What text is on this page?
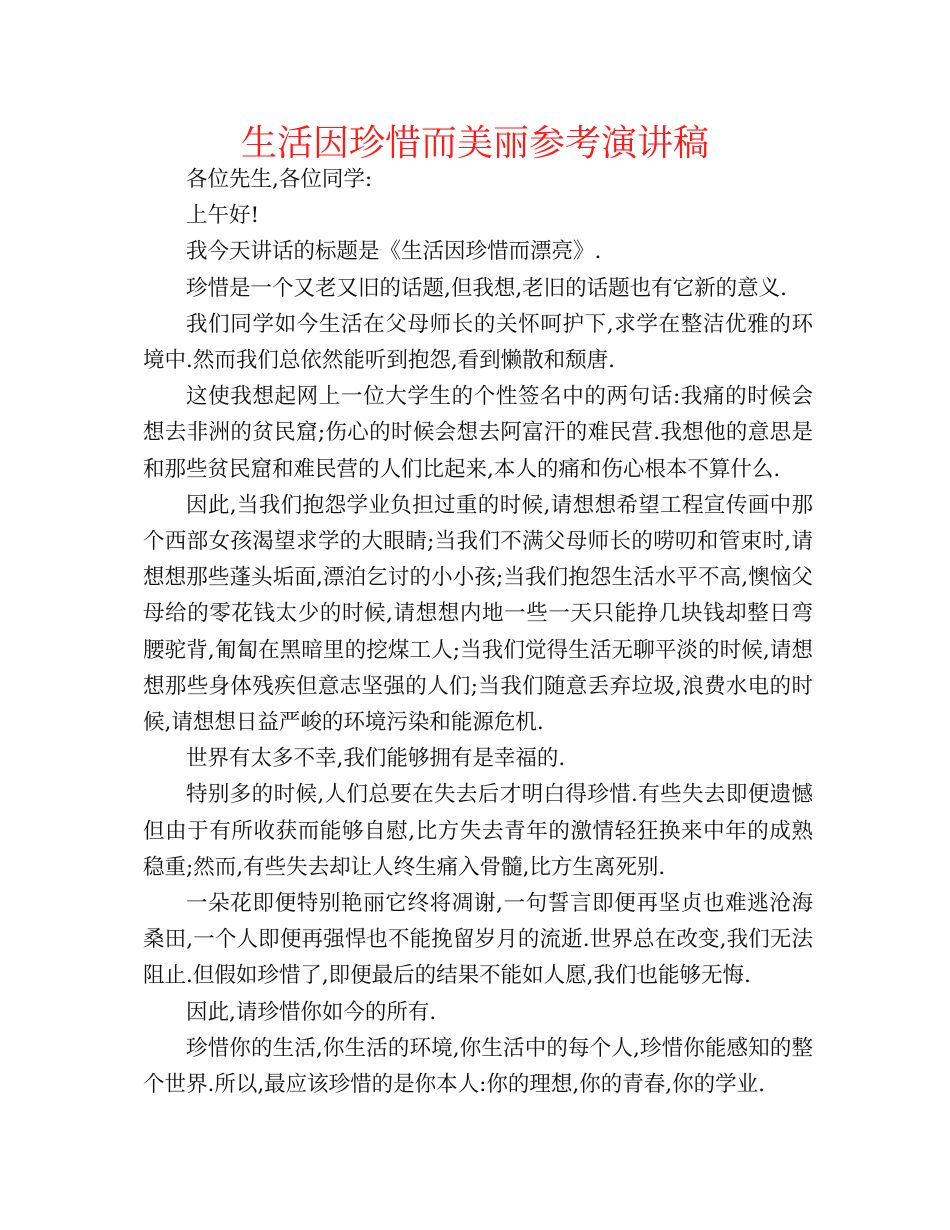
生活因珍惜而美丽参考演讲稿

各位先生,各位同学:

上午好!

我今天讲话的标题是《生活因珍惜而漂亮》.

珍惜是一个又老又旧的话题,但我想,老旧的话题也有它新的意义.

我们同学如今生活在父母师长的关怀呵护下,求学在整洁优雅的环境中.然而我们总依然能听到抱怨,看到懒散和颓唐.

这使我想起网上一位大学生的个性签名中的两句话:我痛的时候会想去非洲的贫民窟;伤心的时候会想去阿富汗的难民营.我想他的意思是和那些贫民窟和难民营的人们比起来,本人的痛和伤心根本不算什么.

因此,当我们抱怨学业负担过重的时候,请想想希望工程宣传画中那个西部女孩渴望求学的大眼睛;当我们不满父母师长的唠叨和管束时,请想想那些蓬头垢面,漂泊乞讨的小小孩;当我们抱怨生活水平不高,懊恼父母给的零花钱太少的时候,请想想内地一些一天只能挣几块钱却整日弯腰驼背,匍匐在黑暗里的挖煤工人;当我们觉得生活无聊平淡的时候,请想想那些身体残疾但意志坚强的人们;当我们随意丢弃垃圾,浪费水电的时候,请想想日益严峻的环境污染和能源危机.

世界有太多不幸,我们能够拥有是幸福的.

特别多的时候,人们总要在失去后才明白得珍惜.有些失去即便遗憾但由于有所收获而能够自慰,比方失去青年的激情轻狂换来中年的成熟稳重;然而,有些失去却让人终生痛入骨髓,比方生离死别.

一朵花即便特别艳丽它终将凋谢,一句誓言即便再坚贞也难逃沧海桑田,一个人即便再强悍也不能挽留岁月的流逝.世界总在改变,我们无法阻止.但假如珍惜了,即便最后的结果不能如人愿,我们也能够无悔.

因此,请珍惜你如今的所有.

珍惜你的生活,你生活的环境,你生活中的每个人,珍惜你能感知的整个世界.所以,最应该珍惜的是你本人:你的理想,你的青春,你的学业.
